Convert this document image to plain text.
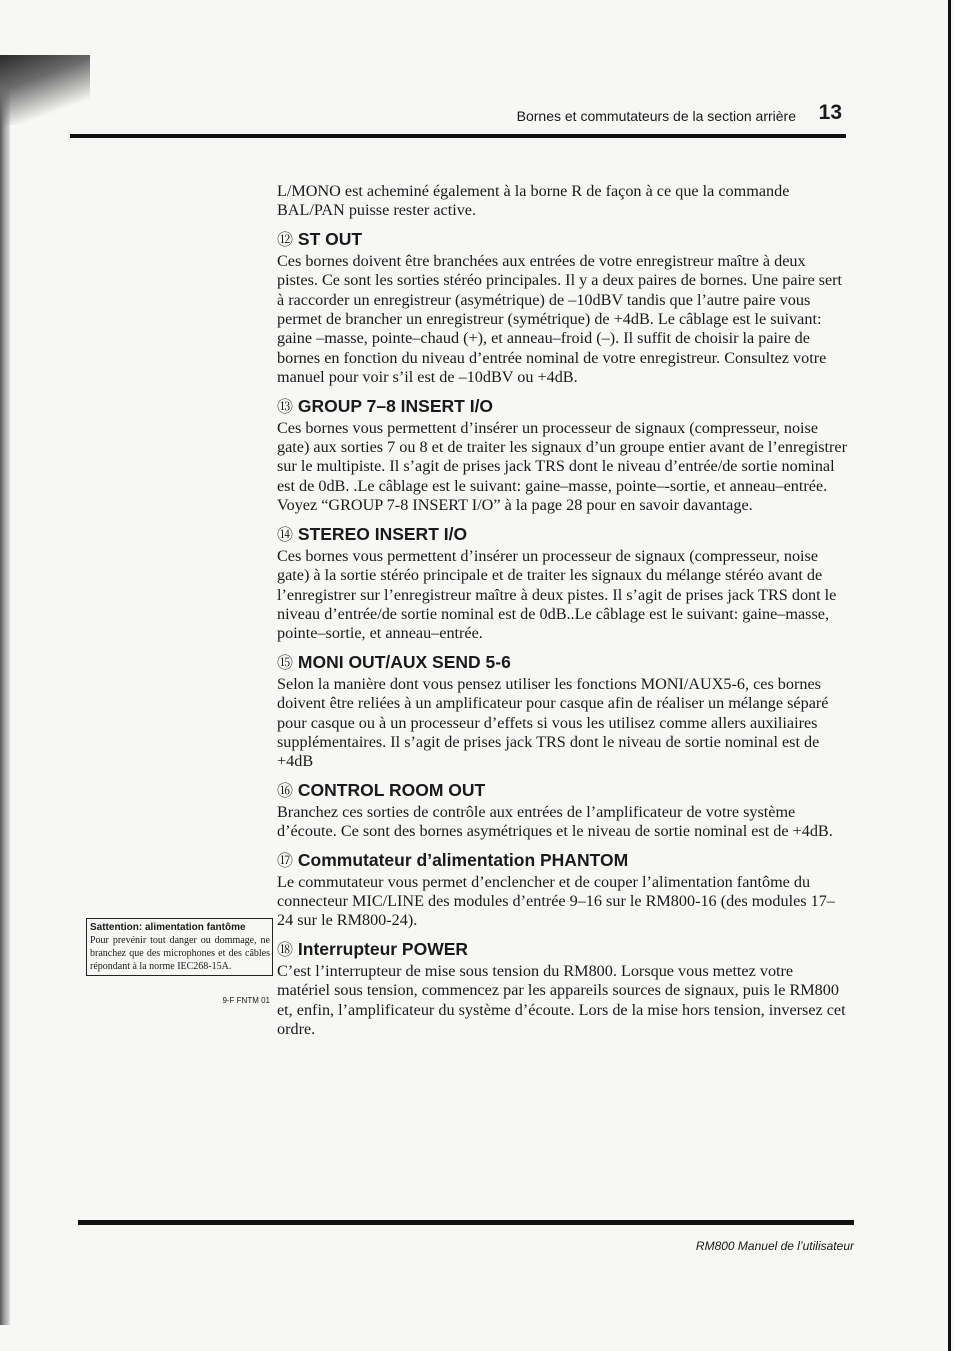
Bornes et commutateurs de la section arrière 13

L/MONO est acheminé également à la borne R de façon à ce que la commande BAL/PAN puisse rester active.

⑫ ST OUT

Ces bornes doivent être branchées aux entrées de votre enregistreur maître à deux pistes. Ce sont les sorties stéréo principales. Il y a deux paires de bornes. Une paire sert à raccorder un enregistreur (asymétrique) de –10dBV tandis que l’autre paire vous permet de brancher un enregistreur (symétrique) de +4dB. Le câblage est le suivant: gaine –masse, pointe–chaud (+), et anneau–froid (–). Il suffit de choisir la paire de bornes en fonction du niveau d’entrée nominal de votre enregistreur. Consultez votre manuel pour voir s’il est de –10dBV ou +4dB.

⑬ GROUP 7–8 INSERT I/O

Ces bornes vous permettent d’insérer un processeur de signaux (compresseur, noise gate) aux sorties 7 ou 8 et de traiter les signaux d’un groupe entier avant de l’enregistrer sur le multipiste. Il s’agit de prises jack TRS dont le niveau d’entrée/de sortie nominal est de 0dB. .Le câblage est le suivant: gaine–masse, pointe–-sortie, et anneau–entrée. Voyez “GROUP 7-8 INSERT I/O” à la page 28 pour en savoir davantage.

⑭ STEREO INSERT I/O

Ces bornes vous permettent d’insérer un processeur de signaux (compresseur, noise gate) à la sortie stéréo principale et de traiter les signaux du mélange stéréo avant de l’enregistrer sur l’enregistreur maître à deux pistes. Il s’agit de prises jack TRS dont le niveau d’entrée/de sortie nominal est de 0dB..Le câblage est le suivant: gaine–masse, pointe–sortie, et anneau–entrée.

⑮ MONI OUT/AUX SEND 5-6

Selon la manière dont vous pensez utiliser les fonctions MONI/AUX5-6, ces bornes doivent être reliées à un amplificateur pour casque afin de réaliser un mélange séparé pour casque ou à un processeur d’effets si vous les utilisez comme allers auxiliaires supplémentaires. Il s’agit de prises jack TRS dont le niveau de sortie nominal est de +4dB

⑯ CONTROL ROOM OUT

Branchez ces sorties de contrôle aux entrées de l’amplificateur de votre système d’écoute. Ce sont des bornes asymétriques et le niveau de sortie nominal est de +4dB.

⑰ Commutateur d’alimentation PHANTOM

Le commutateur vous permet d’enclencher et de couper l’alimentation fantôme du connecteur MIC/LINE des modules d’entrée 9–16 sur le RM800-16 (des modules 17–24 sur le RM800-24).

⑱ Interrupteur POWER

C’est l’interrupteur de mise sous tension du RM800. Lorsque vous mettez votre matériel sous tension, commencez par les appareils sources de signaux, puis le RM800 et, enfin, l’amplificateur du système d’écoute. Lors de la mise hors tension, inversez cet ordre.

Sattention: alimentation fantôme

Pour prevénir tout danger ou dommage, ne branchez que des microphones et des câbles répondant à la norme IEC268-15A.

9-F FNTM 01
RM800 Manuel de l’utilisateur
